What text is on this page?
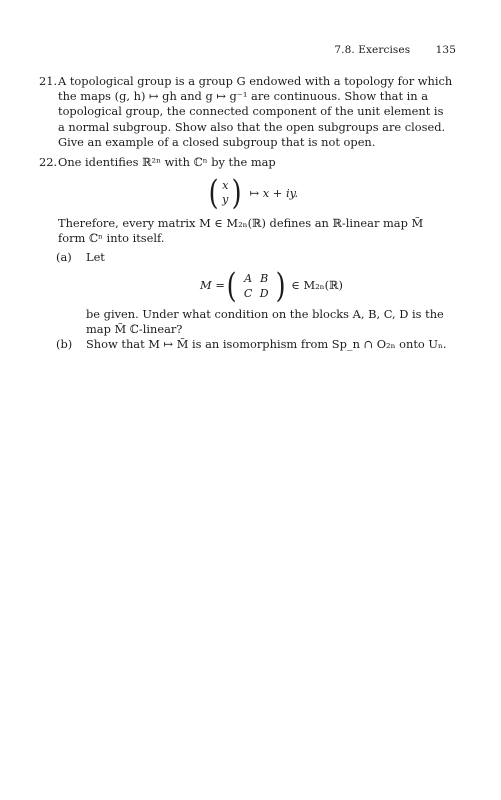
7.8. Exercises 135
21. A topological group is a group G endowed with a topology for which

the maps (g, h) ↦ gh and g ↦ g⁻¹ are continuous. Show that in a

topological group, the connected component of the unit element is

a normal subgroup. Show also that the open subgroups are closed.

Give an example of a closed subgroup that is not open.

22. One identifies ℝ²ⁿ with ℂⁿ by the map

( x
y ) ↦ x + iy.

Therefore, every matrix M ∈ M₂ₙ(ℝ) defines an ℝ-linear map M̃

form ℂⁿ into itself.

(a) Let

M = ( A B
C D ) ∈ M₂ₙ(ℝ)

be given. Under what condition on the blocks A, B, C, D is the

map M̃ ℂ-linear?

(b) Show that M ↦ M̃ is an isomorphism from Sp_n ∩ O₂ₙ onto Uₙ.
